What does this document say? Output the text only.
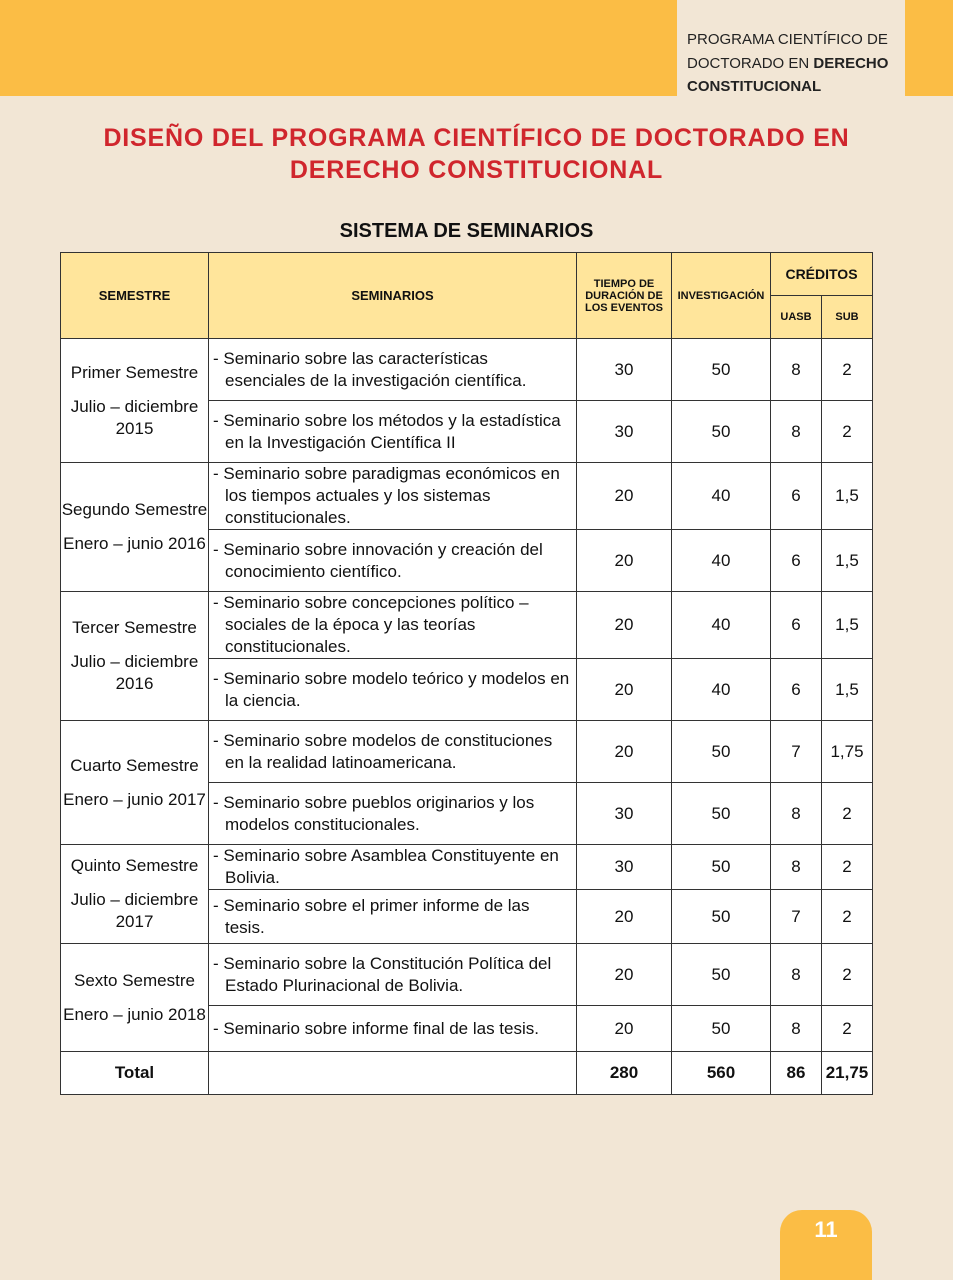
PROGRAMA CIENTÍFICO DE
DOCTORADO EN DERECHO
CONSTITUCIONAL
DISEÑO DEL PROGRAMA CIENTÍFICO DE DOCTORADO EN
DERECHO CONSTITUCIONAL
SISTEMA DE SEMINARIOS
SEMESTRE	SEMINARIOS	TIEMPO DE DURACIÓN DE LOS EVENTOS	INVESTIGACIÓN	CRÉDITOS	
				UASB	SUB

Primer Semestre
Julio – diciembre 2015	- Seminario sobre las características esenciales de la investigación científica.	30	50	8	2
	- Seminario sobre los métodos y la estadística en la Investigación Científica II	30	50	8	2

Segundo Semestre
Enero – junio 2016	- Seminario sobre paradigmas económicos en los tiempos actuales y los sistemas constitucionales.	20	40	6	1,5
	- Seminario sobre innovación y creación del conocimiento científico.	20	40	6	1,5

Tercer Semestre
Julio – diciembre 2016	- Seminario sobre concepciones político – sociales de la época y las teorías constitucionales.	20	40	6	1,5
	- Seminario sobre modelo teórico y modelos en la ciencia.	20	40	6	1,5

Cuarto Semestre
Enero – junio 2017	- Seminario sobre modelos de constituciones en la realidad latinoamericana.	20	50	7	1,75
	- Seminario sobre pueblos originarios y los modelos constitucionales.	30	50	8	2

Quinto Semestre
Julio – diciembre 2017	- Seminario sobre Asamblea Constituyente en Bolivia.	30	50	8	2
	- Seminario sobre el primer informe de las tesis.	20	50	7	2

Sexto Semestre
Enero – junio 2018	- Seminario sobre la Constitución Política del Estado Plurinacional de Bolivia.	20	50	8	2
	- Seminario sobre informe final de las tesis.	20	50	8	2
Total		280	560	86	21,75
11
